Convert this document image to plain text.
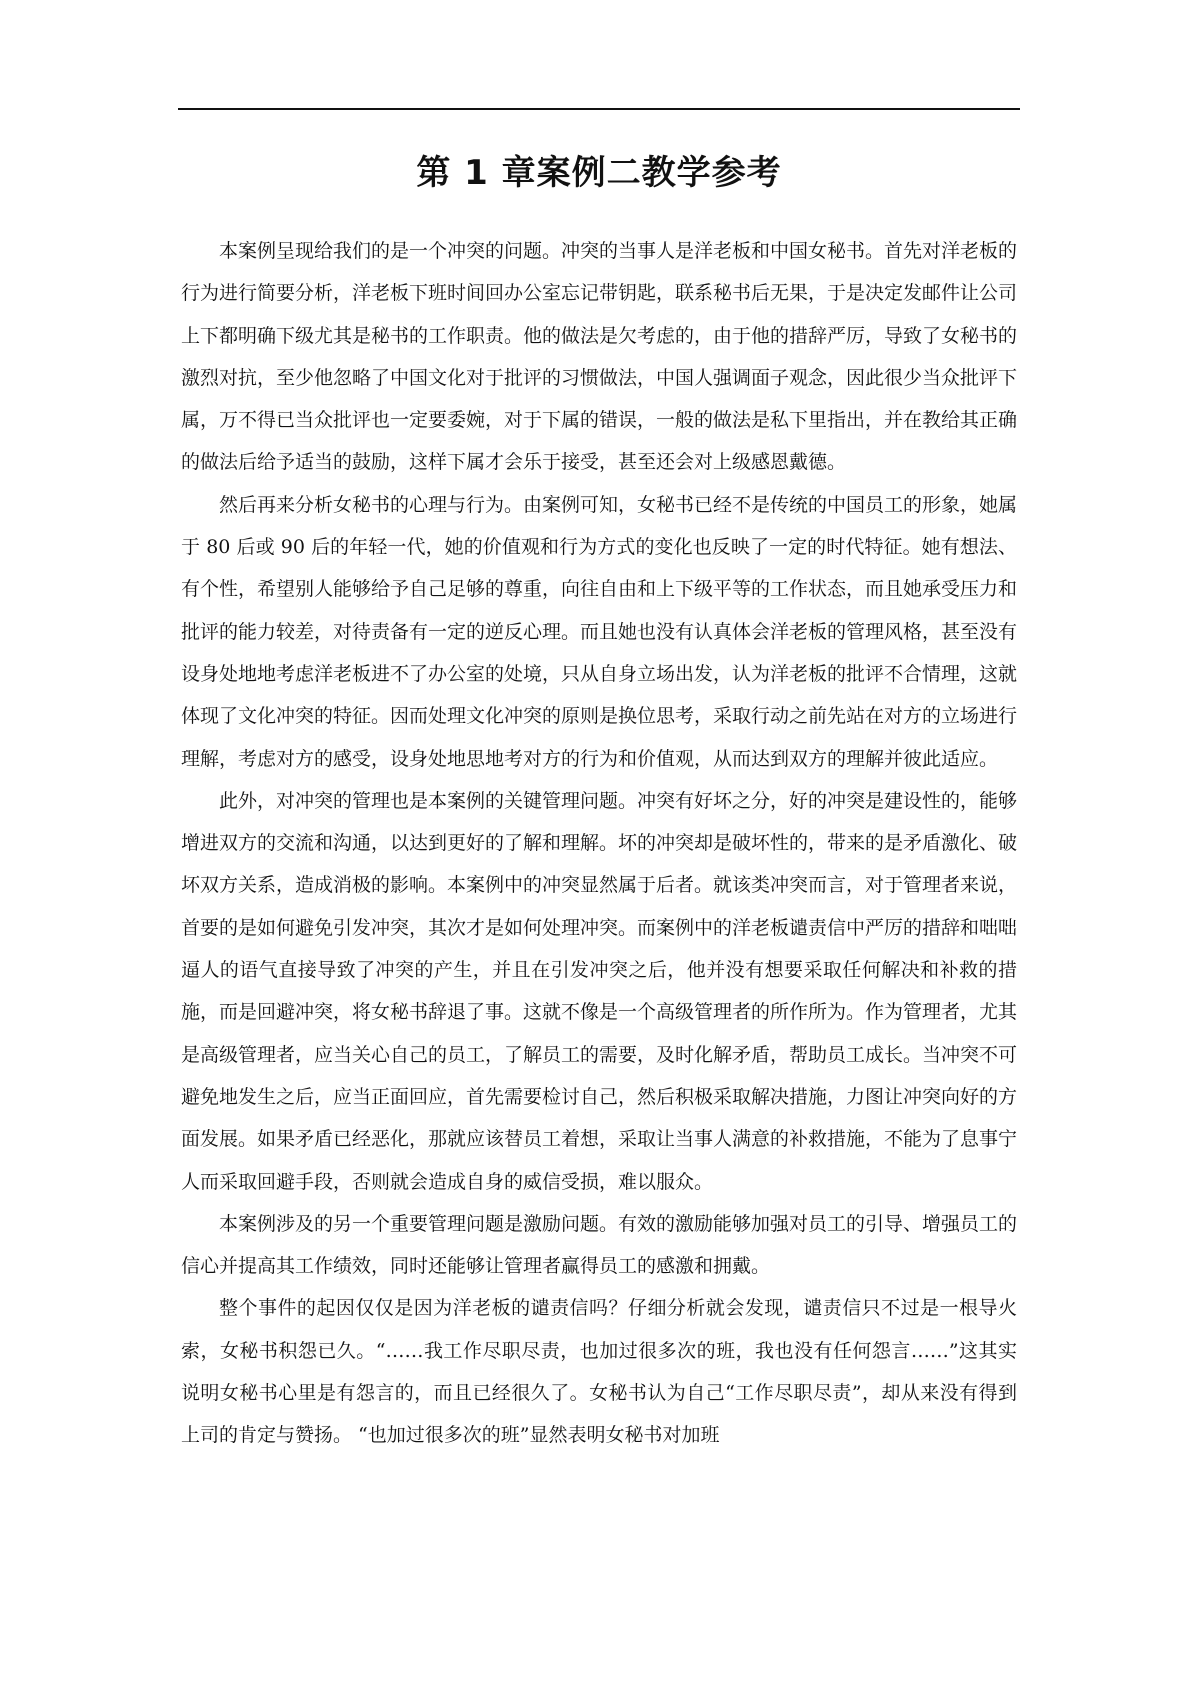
第 1 章案例二教学参考

本案例呈现给我们的是一个冲突的问题。冲突的当事人是洋老板和中国女秘书。首先对洋老板的行为进行简要分析，洋老板下班时间回办公室忘记带钥匙，联系秘书后无果，于是决定发邮件让公司上下都明确下级尤其是秘书的工作职责。他的做法是欠考虑的，由于他的措辞严厉，导致了女秘书的激烈对抗，至少他忽略了中国文化对于批评的习惯做法，中国人强调面子观念，因此很少当众批评下属，万不得已当众批评也一定要委婉，对于下属的错误，一般的做法是私下里指出，并在教给其正确的做法后给予适当的鼓励，这样下属才会乐于接受，甚至还会对上级感恩戴德。

然后再来分析女秘书的心理与行为。由案例可知，女秘书已经不是传统的中国员工的形象，她属于 80 后或 90 后的年轻一代，她的价值观和行为方式的变化也反映了一定的时代特征。她有想法、有个性，希望别人能够给予自己足够的尊重，向往自由和上下级平等的工作状态，而且她承受压力和批评的能力较差，对待责备有一定的逆反心理。而且她也没有认真体会洋老板的管理风格，甚至没有设身处地地考虑洋老板进不了办公室的处境，只从自身立场出发，认为洋老板的批评不合情理，这就体现了文化冲突的特征。因而处理文化冲突的原则是换位思考，采取行动之前先站在对方的立场进行理解，考虑对方的感受，设身处地思地考对方的行为和价值观，从而达到双方的理解并彼此适应。

此外，对冲突的管理也是本案例的关键管理问题。冲突有好坏之分，好的冲突是建设性的，能够增进双方的交流和沟通，以达到更好的了解和理解。坏的冲突却是破坏性的，带来的是矛盾激化、破坏双方关系，造成消极的影响。本案例中的冲突显然属于后者。就该类冲突而言，对于管理者来说，首要的是如何避免引发冲突，其次才是如何处理冲突。而案例中的洋老板谴责信中严厉的措辞和咄咄逼人的语气直接导致了冲突的产生，并且在引发冲突之后，他并没有想要采取任何解决和补救的措施，而是回避冲突，将女秘书辞退了事。这就不像是一个高级管理者的所作所为。作为管理者，尤其是高级管理者，应当关心自己的员工，了解员工的需要，及时化解矛盾，帮助员工成长。当冲突不可避免地发生之后，应当正面回应，首先需要检讨自己，然后积极采取解决措施，力图让冲突向好的方面发展。如果矛盾已经恶化，那就应该替员工着想，采取让当事人满意的补救措施，不能为了息事宁人而采取回避手段，否则就会造成自身的威信受损，难以服众。

本案例涉及的另一个重要管理问题是激励问题。有效的激励能够加强对员工的引导、增强员工的信心并提高其工作绩效，同时还能够让管理者赢得员工的感激和拥戴。

整个事件的起因仅仅是因为洋老板的谴责信吗？仔细分析就会发现，谴责信只不过是一根导火索，女秘书积怨已久。“……我工作尽职尽责，也加过很多次的班，我也没有任何怨言……”这其实说明女秘书心里是有怨言的，而且已经很久了。女秘书认为自己“工作尽职尽责”，却从来没有得到上司的肯定与赞扬。 “也加过很多次的班”显然表明女秘书对加班
